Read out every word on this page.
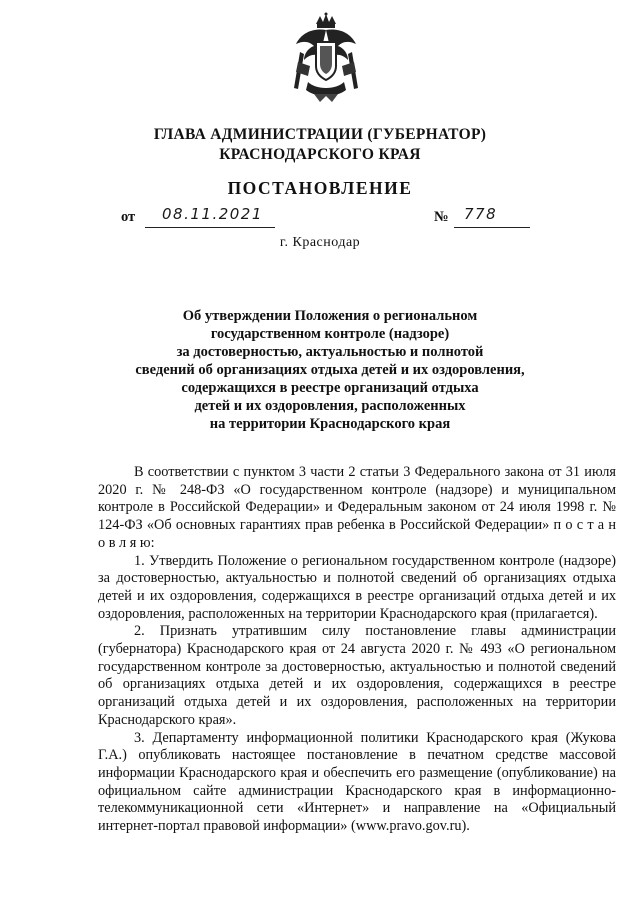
ГЛАВА АДМИНИСТРАЦИИ (ГУБЕРНАТОР)
КРАСНОДАРСКОГО КРАЯ
ПОСТАНОВЛЕНИЕ
от 08.11.2021	№ 778
г. Краснодар
Об утверждении Положения о региональном
государственном контроле (надзоре)
за достоверностью, актуальностью и полнотой
сведений об организациях отдыха детей и их оздоровления,
содержащихся в реестре организаций отдыха
детей и их оздоровления, расположенных
на территории Краснодарского края

В соответствии с пунктом 3 части 2 статьи 3 Федерального закона от 31 июля 2020 г. № 248-ФЗ «О государственном контроле (надзоре) и муниципальном контроле в Российской Федерации» и Федеральным законом от 24 июля 1998 г. № 124-ФЗ «Об основных гарантиях прав ребенка в Российской Федерации» п о с т а н о в л я ю:

1. Утвердить Положение о региональном государственном контроле (надзоре) за достоверностью, актуальностью и полнотой сведений об организациях отдыха детей и их оздоровления, содержащихся в реестре организаций отдыха детей и их оздоровления, расположенных на территории Краснодарского края (прилагается).

2. Признать утратившим силу постановление главы администрации (губернатора) Краснодарского края от 24 августа 2020 г. № 493 «О региональном государственном контроле за достоверностью, актуальностью и полнотой сведений об организациях отдыха детей и их оздоровления, содержащихся в реестре организаций отдыха детей и их оздоровления, расположенных на территории Краснодарского края».

3. Департаменту информационной политики Краснодарского края (Жукова Г.А.) опубликовать настоящее постановление в печатном средстве массовой информации Краснодарского края и обеспечить его размещение (опубликование) на официальном сайте администрации Краснодарского края в информационно-телекоммуникационной сети «Интернет» и направление на «Официальный интернет-портал правовой информации» (www.pravo.gov.ru).
